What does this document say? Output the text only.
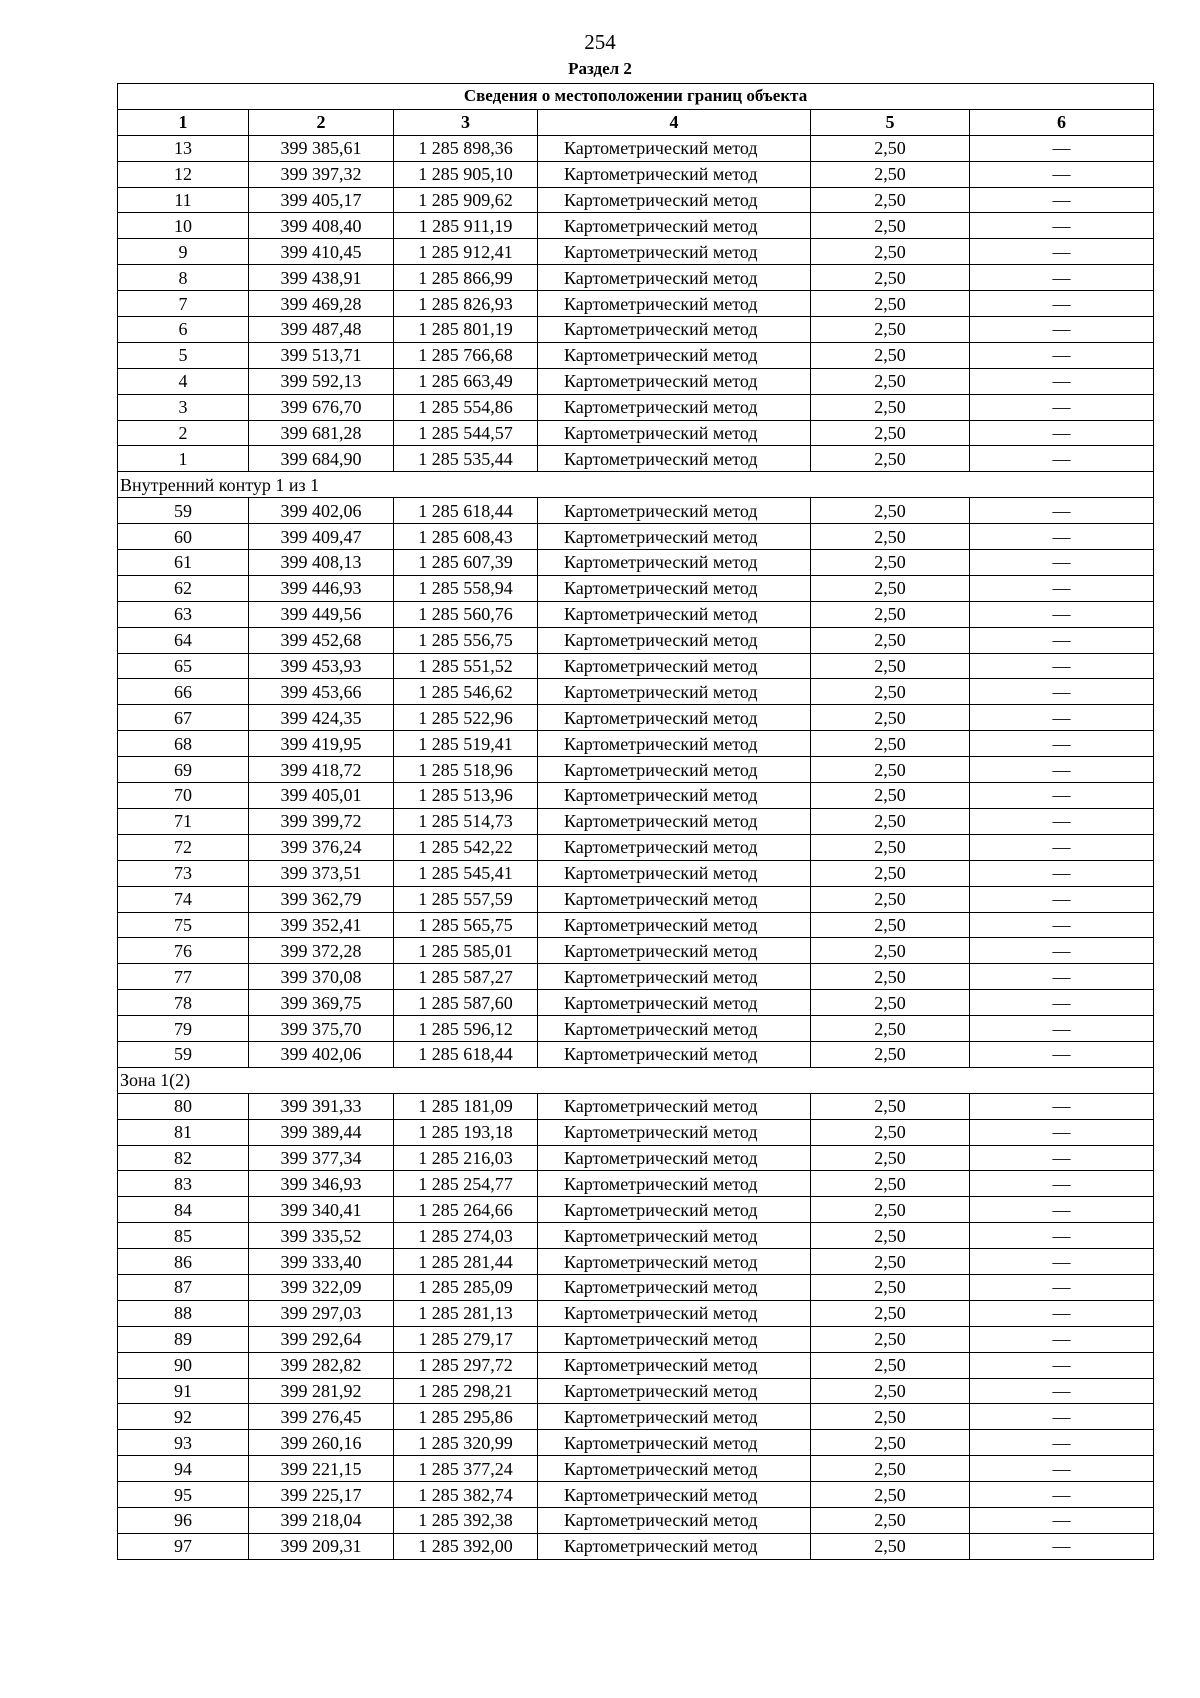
254
Раздел 2
Сведения о местоположении границ объекта					
1	2	3	4	5	6
13	399 385,61	1 285 898,36	Картометрический метод	2,50	—
12	399 397,32	1 285 905,10	Картометрический метод	2,50	—
11	399 405,17	1 285 909,62	Картометрический метод	2,50	—
10	399 408,40	1 285 911,19	Картометрический метод	2,50	—
9	399 410,45	1 285 912,41	Картометрический метод	2,50	—
8	399 438,91	1 285 866,99	Картометрический метод	2,50	—
7	399 469,28	1 285 826,93	Картометрический метод	2,50	—
6	399 487,48	1 285 801,19	Картометрический метод	2,50	—
5	399 513,71	1 285 766,68	Картометрический метод	2,50	—
4	399 592,13	1 285 663,49	Картометрический метод	2,50	—
3	399 676,70	1 285 554,86	Картометрический метод	2,50	—
2	399 681,28	1 285 544,57	Картометрический метод	2,50	—
1	399 684,90	1 285 535,44	Картометрический метод	2,50	—
Внутренний контур 1 из 1					
59	399 402,06	1 285 618,44	Картометрический метод	2,50	—
60	399 409,47	1 285 608,43	Картометрический метод	2,50	—
61	399 408,13	1 285 607,39	Картометрический метод	2,50	—
62	399 446,93	1 285 558,94	Картометрический метод	2,50	—
63	399 449,56	1 285 560,76	Картометрический метод	2,50	—
64	399 452,68	1 285 556,75	Картометрический метод	2,50	—
65	399 453,93	1 285 551,52	Картометрический метод	2,50	—
66	399 453,66	1 285 546,62	Картометрический метод	2,50	—
67	399 424,35	1 285 522,96	Картометрический метод	2,50	—
68	399 419,95	1 285 519,41	Картометрический метод	2,50	—
69	399 418,72	1 285 518,96	Картометрический метод	2,50	—
70	399 405,01	1 285 513,96	Картометрический метод	2,50	—
71	399 399,72	1 285 514,73	Картометрический метод	2,50	—
72	399 376,24	1 285 542,22	Картометрический метод	2,50	—
73	399 373,51	1 285 545,41	Картометрический метод	2,50	—
74	399 362,79	1 285 557,59	Картометрический метод	2,50	—
75	399 352,41	1 285 565,75	Картометрический метод	2,50	—
76	399 372,28	1 285 585,01	Картометрический метод	2,50	—
77	399 370,08	1 285 587,27	Картометрический метод	2,50	—
78	399 369,75	1 285 587,60	Картометрический метод	2,50	—
79	399 375,70	1 285 596,12	Картометрический метод	2,50	—
59	399 402,06	1 285 618,44	Картометрический метод	2,50	—
Зона 1(2)					
80	399 391,33	1 285 181,09	Картометрический метод	2,50	—
81	399 389,44	1 285 193,18	Картометрический метод	2,50	—
82	399 377,34	1 285 216,03	Картометрический метод	2,50	—
83	399 346,93	1 285 254,77	Картометрический метод	2,50	—
84	399 340,41	1 285 264,66	Картометрический метод	2,50	—
85	399 335,52	1 285 274,03	Картометрический метод	2,50	—
86	399 333,40	1 285 281,44	Картометрический метод	2,50	—
87	399 322,09	1 285 285,09	Картометрический метод	2,50	—
88	399 297,03	1 285 281,13	Картометрический метод	2,50	—
89	399 292,64	1 285 279,17	Картометрический метод	2,50	—
90	399 282,82	1 285 297,72	Картометрический метод	2,50	—
91	399 281,92	1 285 298,21	Картометрический метод	2,50	—
92	399 276,45	1 285 295,86	Картометрический метод	2,50	—
93	399 260,16	1 285 320,99	Картометрический метод	2,50	—
94	399 221,15	1 285 377,24	Картометрический метод	2,50	—
95	399 225,17	1 285 382,74	Картометрический метод	2,50	—
96	399 218,04	1 285 392,38	Картометрический метод	2,50	—
97	399 209,31	1 285 392,00	Картометрический метод	2,50	—
